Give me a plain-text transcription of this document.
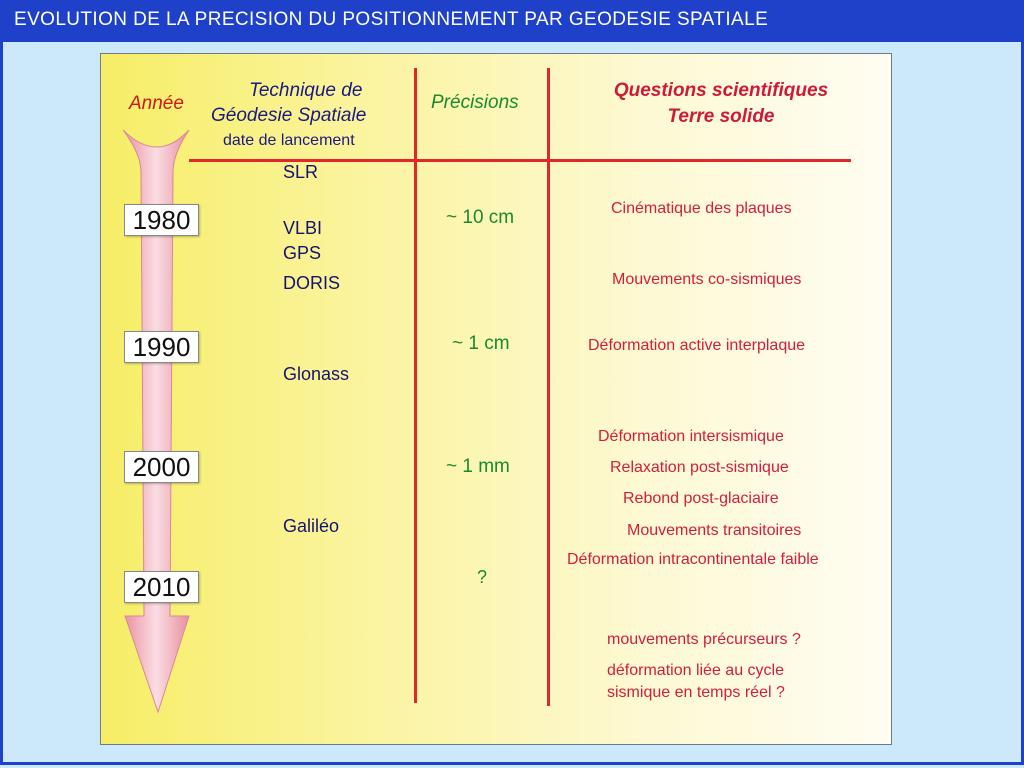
EVOLUTION DE LA PRECISION DU POSITIONNEMENT PAR GEODESIE SPATIALE
1980
1990
2000
2010
Année
Technique de
Géodesie Spatiale
date de lancement
Précisions
Questions scientifiques
Terre solide
SLR
VLBI
GPS
DORIS
Glonass
Galiléo
~ 10 cm
~ 1 cm
~ 1 mm
?
Cinématique des plaques
Mouvements co-sismiques
Déformation active interplaque
Déformation intersismique
Relaxation post-sismique
Rebond post-glaciaire
Mouvements transitoires
Déformation intracontinentale faible
mouvements précurseurs ?
déformation liée au cycle
sismique en temps réel ?
